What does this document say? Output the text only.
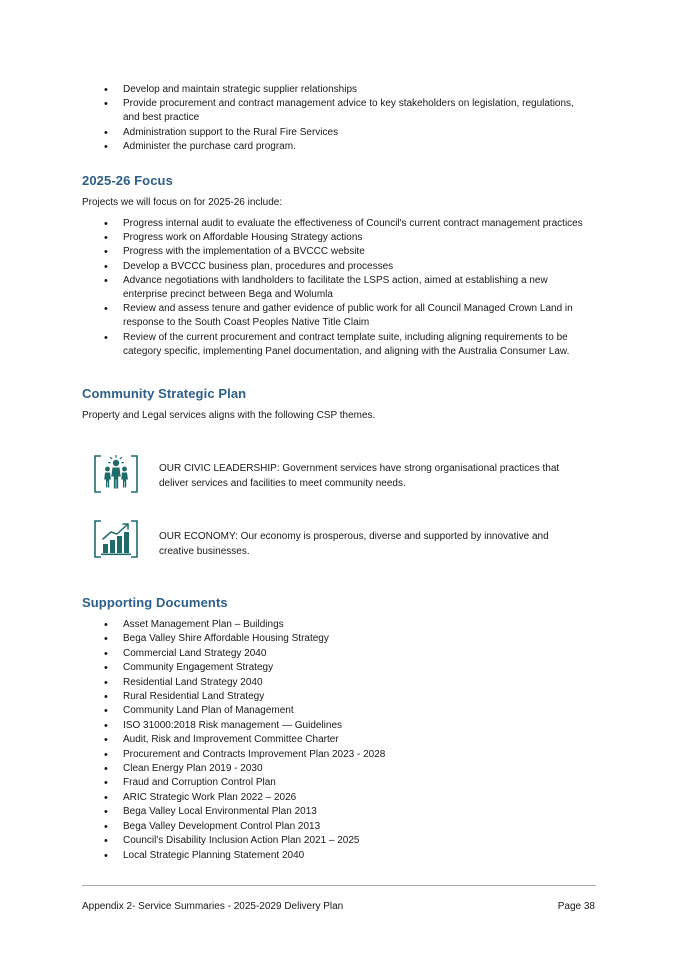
• Develop and maintain strategic supplier relationships
• Provide procurement and contract management advice to key stakeholders on legislation, regulations, and best practice
• Administration support to the Rural Fire Services
• Administer the purchase card program.
2025-26 Focus

Projects we will focus on for 2025-26 include:

• Progress internal audit to evaluate the effectiveness of Council's current contract management practices
• Progress work on Affordable Housing Strategy actions
• Progress with the implementation of a BVCCC website
• Develop a BVCCC business plan, procedures and processes
• Advance negotiations with landholders to facilitate the LSPS action, aimed at establishing a new enterprise precinct between Bega and Wolumla
• Review and assess tenure and gather evidence of public work for all Council Managed Crown Land in response to the South Coast Peoples Native Title Claim
• Review of the current procurement and contract template suite, including aligning requirements to be category specific, implementing Panel documentation, and aligning with the Australia Consumer Law.
Community Strategic Plan

Property and Legal services aligns with the following CSP themes.

OUR CIVIC LEADERSHIP: Government services have strong organisational practices that deliver services and facilities to meet community needs.

OUR ECONOMY: Our economy is prosperous, diverse and supported by innovative and creative businesses.

Supporting Documents
• Asset Management Plan – Buildings
• Bega Valley Shire Affordable Housing Strategy
• Commercial Land Strategy 2040
• Community Engagement Strategy
• Residential Land Strategy 2040
• Rural Residential Land Strategy
• Community Land Plan of Management
• ISO 31000:2018 Risk management — Guidelines
• Audit, Risk and Improvement Committee Charter
• Procurement and Contracts Improvement Plan 2023 - 2028
• Clean Energy Plan 2019 - 2030
• Fraud and Corruption Control Plan
• ARIC Strategic Work Plan 2022 – 2026
• Bega Valley Local Environmental Plan 2013
• Bega Valley Development Control Plan 2013
• Council's Disability Inclusion Action Plan 2021 – 2025
• Local Strategic Planning Statement 2040

Appendix 2- Service Summaries - 2025-2029 Delivery Plan	Page 38
